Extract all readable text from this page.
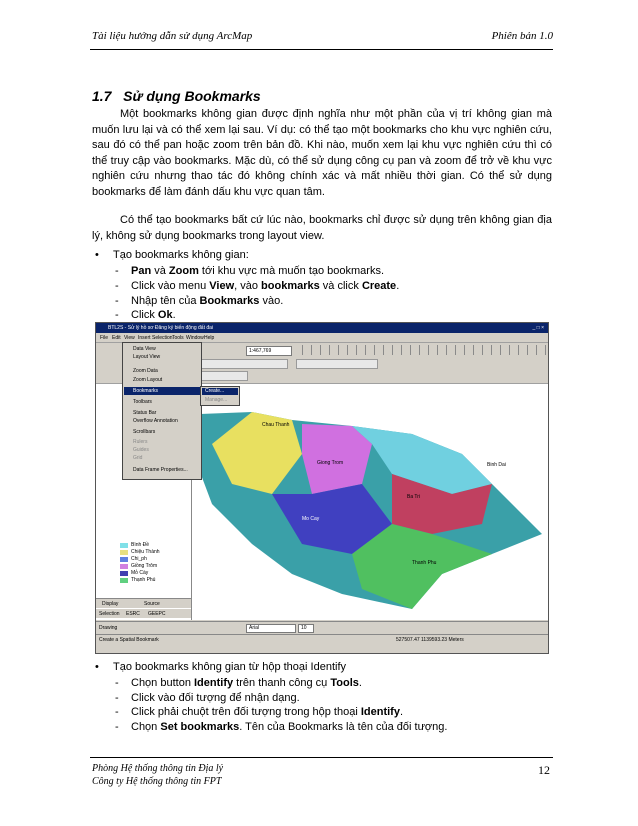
Tài liệu hướng dẫn sử dụng ArcMap	Phiên bản 1.0
1.7 Sử dụng Bookmarks
Một bookmarks không gian được định nghĩa như một phần của vị trí không gian mà muốn lưu lại và có thể xem lại sau. Ví dụ: có thể tạo một bookmarks cho khu vực nghiên cứu, sau đó có thể pan hoặc zoom trên bản đồ. Khi nào, muốn xem lại khu vực nghiên cứu thì có thể truy cập vào bookmarks. Mặc dù, có thể sử dụng công cụ pan và zoom để trở về khu vực nghiên cứu nhưng thao tác đó không chính xác và mất nhiều thời gian. Có thể sử dụng bookmarks để làm đánh dấu khu vực quan tâm.
Có thể tạo bookmarks bất cứ lúc nào, bookmarks chỉ được sử dụng trên không gian địa lý, không sử dụng bookmarks trong layout view.
•	Tạo bookmarks không gian:
- Pan và Zoom tới khu vực mà muốn tạo bookmarks.
- Click vào menu View, vào bookmarks và click Create.
- Nhập tên của Bookmarks vào.
- Click Ok.
BTL2S - Sử lý hồ sơ Đăng ký biến động đất đai	_ □ ×
File Edit View Insert Selection Tools Window Help
1:467,769
Bình Đề
Chiệu Thành
Chi_ph
Giồng Trôm
Mỏ Cày
Thạnh Phú
Display	Source
Selection ESRC GEEPC
Chau Thanh
Giong Trom
Ba Tri
Mo Cay
Thanh Phu
Binh Dai
Data View
Layout View
Zoom Data
Zoom Layout
Bookmarks
Toolbars
Status Bar
Overflow Annotation
Scrollbars
Rulers
Guides
Grid
Data Frame Properties...
Create...
Manage...
Drawing	Arial	10
Create a Spatial Bookmark	527507.47 1139593.23 Meters
•	Tạo bookmarks không gian từ hộp thoại Identify
- Chọn button Identify trên thanh công cụ Tools.
- Click vào đối tượng để nhận dạng.
- Click phải chuột trên đối tượng trong hộp thoại Identify.
- Chọn Set bookmarks. Tên của Bookmarks là tên của đối tượng.
Phòng Hệ thống thông tin Địa lý
Công ty Hệ thống thông tin FPT
12
